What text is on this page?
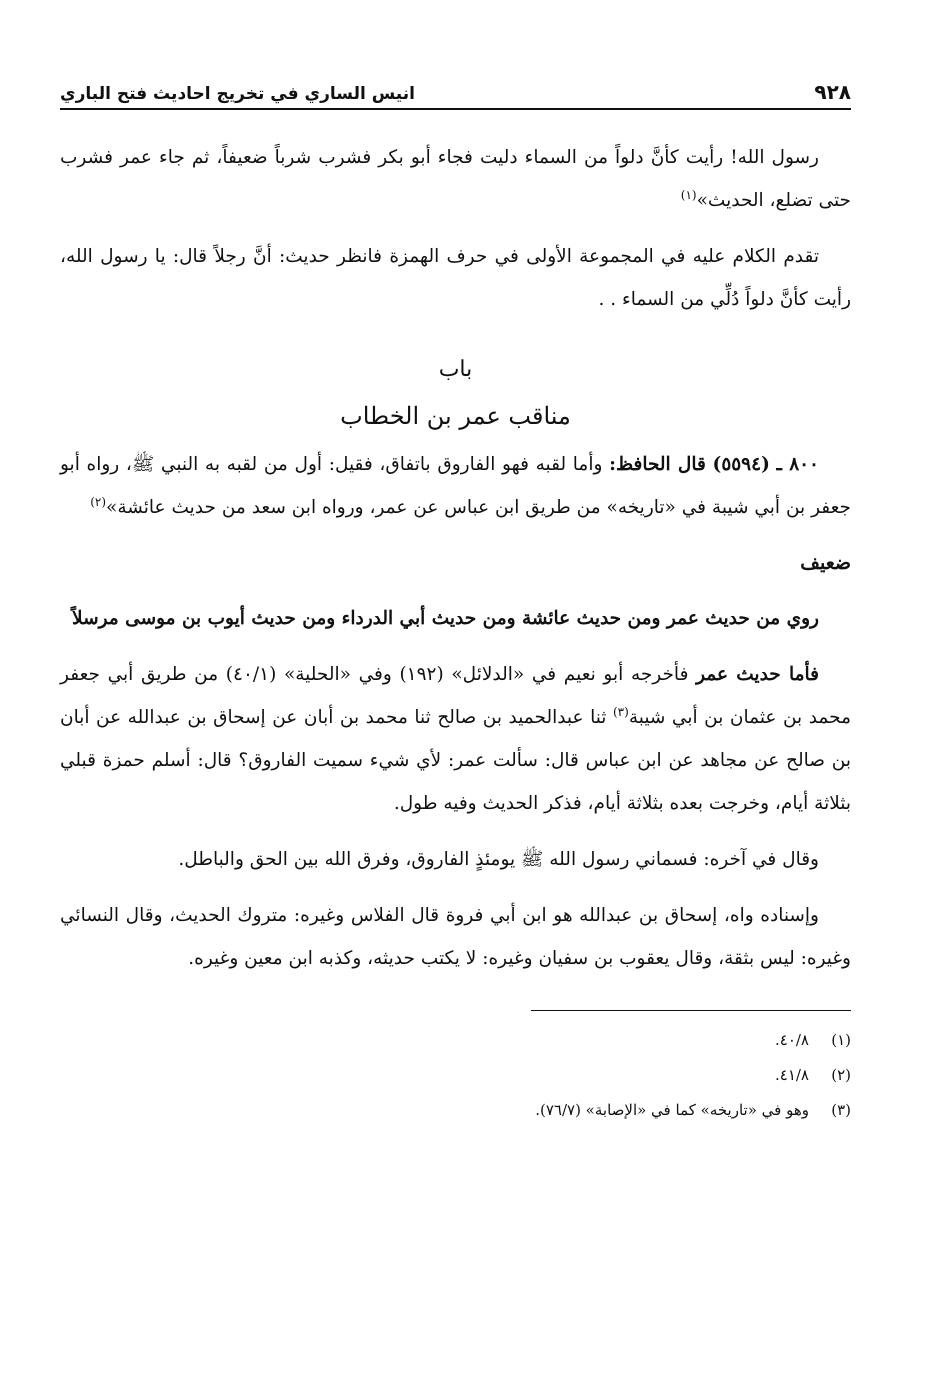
٩٢٨
انيس الساري في تخريج احاديث فتح الباري

رسول الله! رأيت كأنَّ دلواً من السماء دليت فجاء أبو بكر فشرب شرباً ضعيفاً، ثم جاء عمر فشرب حتى تضلع، الحديث»$^{(١)}$

تقدم الكلام عليه في المجموعة الأولى في حرف الهمزة فانظر حديث: أنَّ رجلاً قال: يا رسول الله، رأيت كأنَّ دلواً دُلِّي من السماء . .

باب
مناقب عمر بن الخطاب

٨٠٠ ـ (٥٥٩٤) قال الحافظ: وأما لقبه فهو الفاروق باتفاق، فقيل: أول من لقبه به النبي ﷺ، رواه أبو جعفر بن أبي شيبة في «تاريخه» من طريق ابن عباس عن عمر، ورواه ابن سعد من حديث عائشة»$^{(٢)}$

ضعيف

روي من حديث عمر ومن حديث عائشة ومن حديث أبي الدرداء ومن حديث أيوب بن موسى مرسلاً

فأما حديث عمر فأخرجه أبو نعيم في «الدلائل» (١٩٢) وفي «الحلية» (٤٠/١) من طريق أبي جعفر محمد بن عثمان بن أبي شيبة$^{(٣)}$ ثنا عبدالحميد بن صالح ثنا محمد بن أبان عن إسحاق بن عبدالله عن أبان بن صالح عن مجاهد عن ابن عباس قال: سألت عمر: لأي شيء سميت الفاروق؟ قال: أسلم حمزة قبلي بثلاثة أيام، وخرجت بعده بثلاثة أيام، فذكر الحديث وفيه طول.

وقال في آخره: فسماني رسول الله ﷺ يومئذٍ الفاروق، وفرق الله بين الحق والباطل.

وإسناده واه، إسحاق بن عبدالله هو ابن أبي فروة قال الفلاس وغيره: متروك الحديث، وقال النسائي وغيره: ليس بثقة، وقال يعقوب بن سفيان وغيره: لا يكتب حديثه، وكذبه ابن معين وغيره.

(١)
٤٠/٨.
(٢)
٤١/٨.
(٣)
وهو في «تاريخه» كما في «الإصابة» (٧٦/٧).
